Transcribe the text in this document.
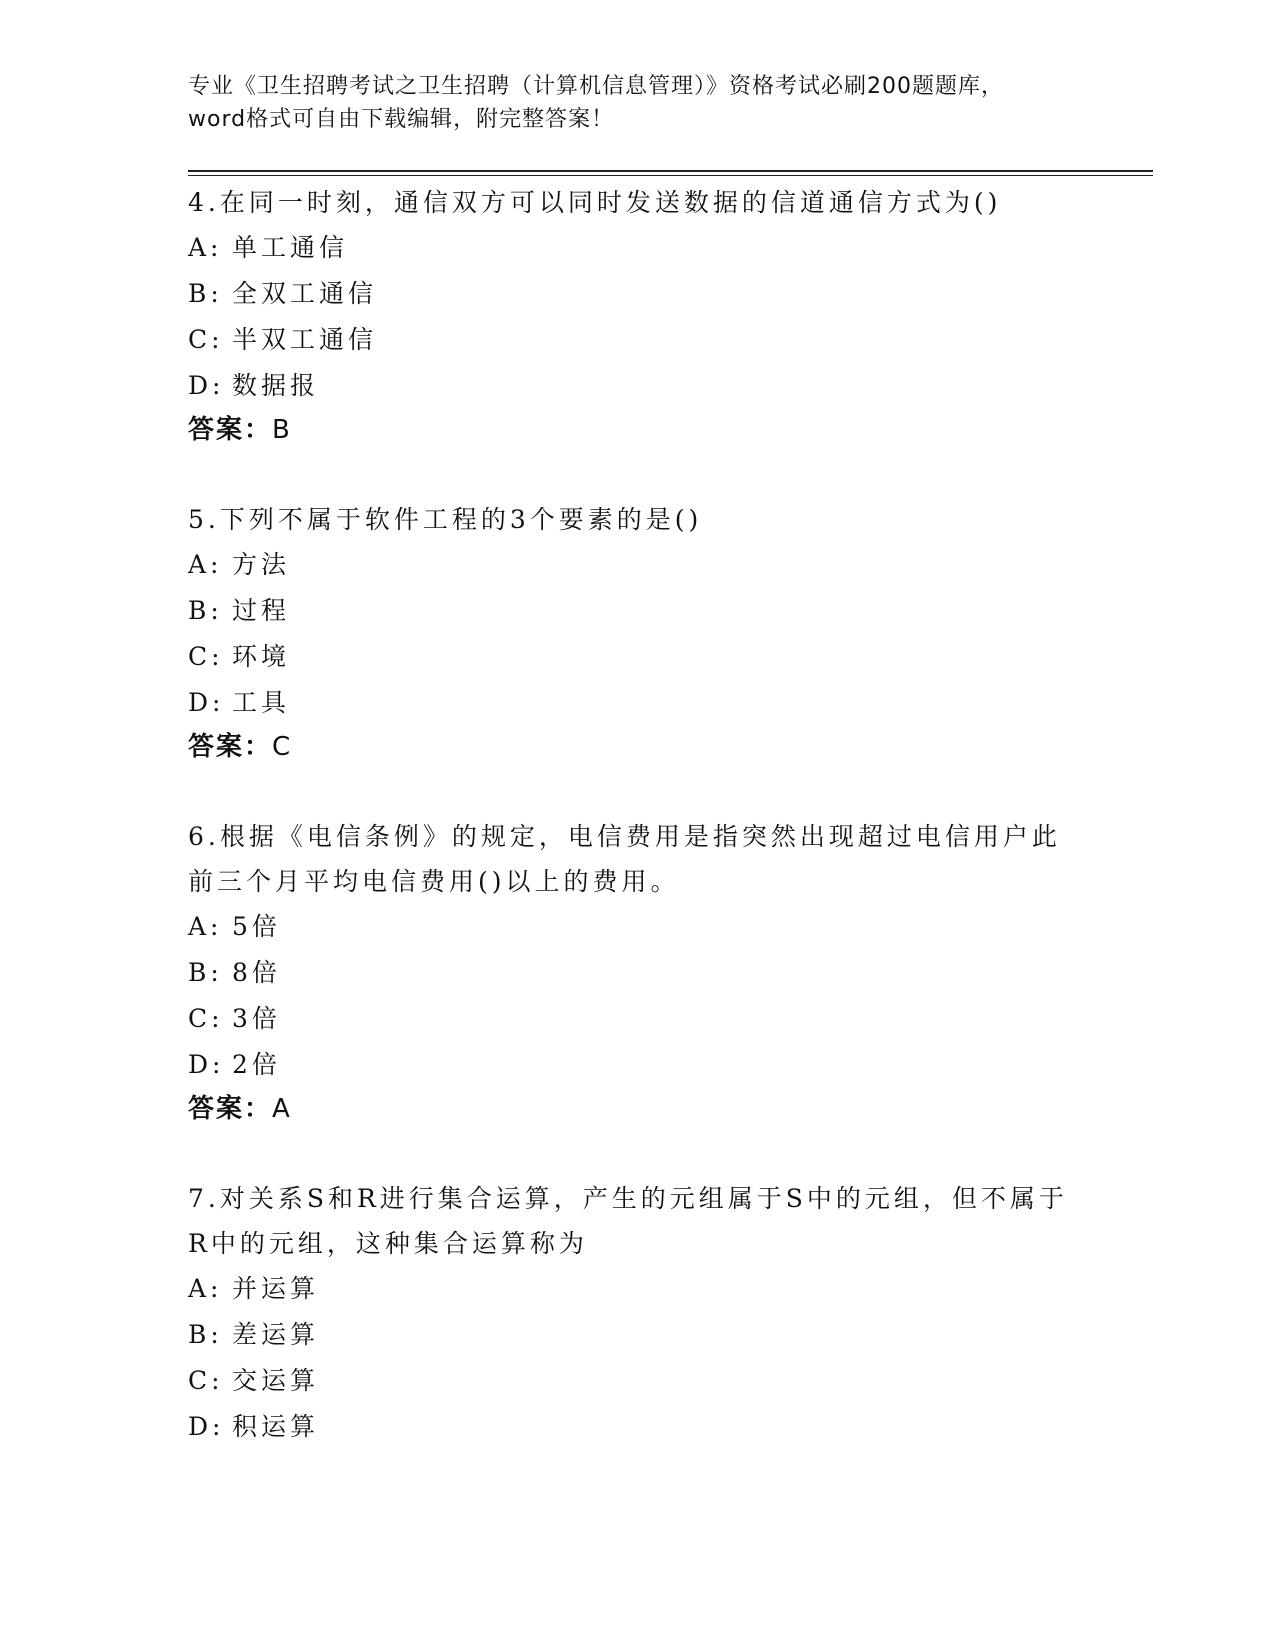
专业《卫生招聘考试之卫生招聘（计算机信息管理）》资格考试必刷200题题库，
word格式可自由下载编辑，附完整答案！
4.在同一时刻，通信双方可以同时发送数据的信道通信方式为()
A: 单工通信
B: 全双工通信
C: 半双工通信
D: 数据报
答案：B
5.下列不属于软件工程的3个要素的是()
A: 方法
B: 过程
C: 环境
D: 工具
答案：C
6.根据《电信条例》的规定，电信费用是指突然出现超过电信用户此前三个月平均电信费用()以上的费用。
A: 5倍
B: 8倍
C: 3倍
D: 2倍
答案：A
7.对关系S和R进行集合运算，产生的元组属于S中的元组，但不属于R中的元组，这种集合运算称为
A: 并运算
B: 差运算
C: 交运算
D: 积运算
